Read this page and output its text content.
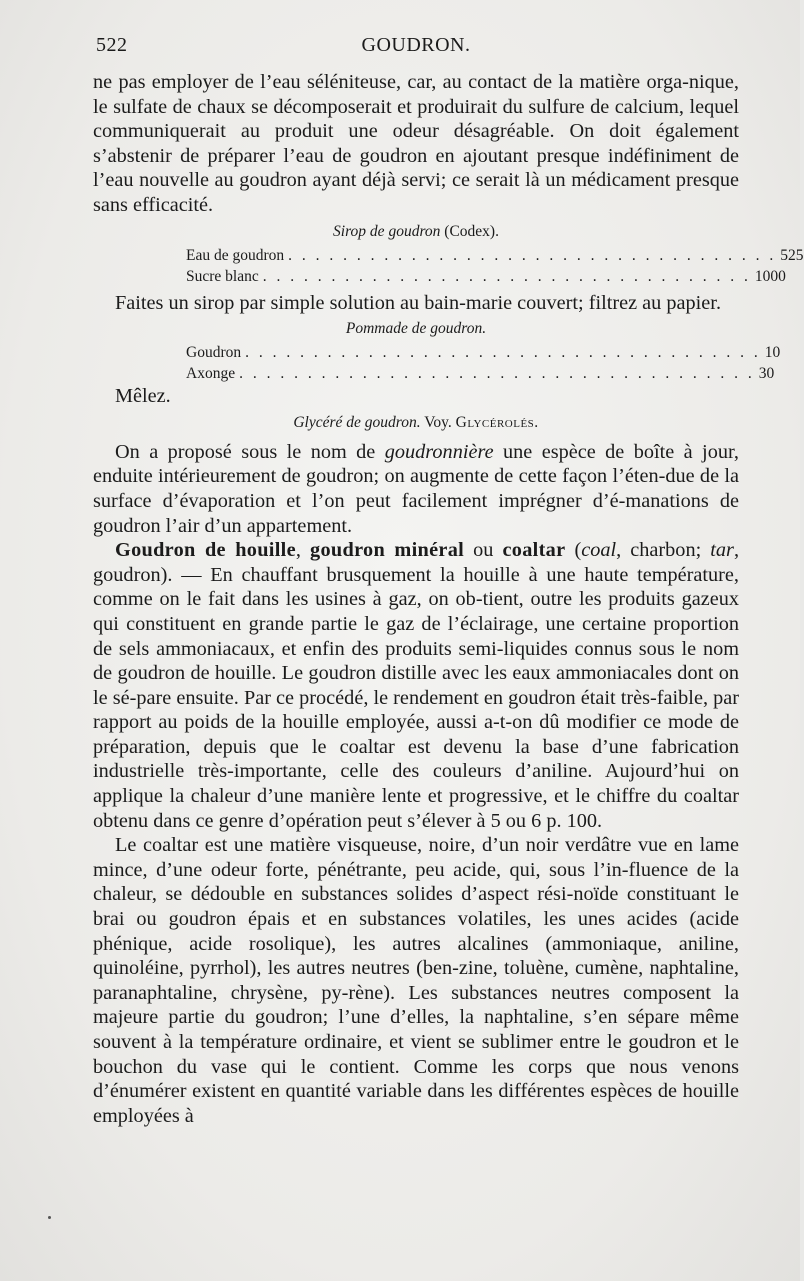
522	GOUDRON.

ne pas employer de l’eau séléniteuse, car, au contact de la matière orga-nique, le sulfate de chaux se décomposerait et produirait du sulfure de calcium, lequel communiquerait au produit une odeur désagréable. On doit également s’abstenir de préparer l’eau de goudron en ajoutant presque indéfiniment de l’eau nouvelle au goudron ayant déjà servi; ce serait là un médicament presque sans efficacité.

Sirop de goudron (Codex).
Eau de goudron . . . . . . . . . . . . . . . . . . . . . . . . . . . . . . . . . . . . 525
Sucre blanc . . . . . . . . . . . . . . . . . . . . . . . . . . . . . . . . . . . . 1000

Faites un sirop par simple solution au bain-marie couvert; filtrez au papier.

Pommade de goudron.
Goudron . . . . . . . . . . . . . . . . . . . . . . . . . . . . . . . . . . . . . . 10
Axonge . . . . . . . . . . . . . . . . . . . . . . . . . . . . . . . . . . . . . . 30

Mêlez.

Glycéré de goudron. Voy. Glycérolés.

On a proposé sous le nom de goudronnière une espèce de boîte à jour, enduite intérieurement de goudron; on augmente de cette façon l’éten-due de la surface d’évaporation et l’on peut facilement imprégner d’é-manations de goudron l’air d’un appartement.

Goudron de houille, goudron minéral ou coaltar (coal, charbon; tar, goudron). — En chauffant brusquement la houille à une haute température, comme on le fait dans les usines à gaz, on ob-tient, outre les produits gazeux qui constituent en grande partie le gaz de l’éclairage, une certaine proportion de sels ammoniacaux, et enfin des produits semi-liquides connus sous le nom de goudron de houille. Le goudron distille avec les eaux ammoniacales dont on le sé-pare ensuite. Par ce procédé, le rendement en goudron était très-faible, par rapport au poids de la houille employée, aussi a-t-on dû modifier ce mode de préparation, depuis que le coaltar est devenu la base d’une fabrication industrielle très-importante, celle des couleurs d’aniline. Aujourd’hui on applique la chaleur d’une manière lente et progressive, et le chiffre du coaltar obtenu dans ce genre d’opération peut s’élever à 5 ou 6 p. 100.

Le coaltar est une matière visqueuse, noire, d’un noir verdâtre vue en lame mince, d’une odeur forte, pénétrante, peu acide, qui, sous l’in-fluence de la chaleur, se dédouble en substances solides d’aspect rési-noïde constituant le brai ou goudron épais et en substances volatiles, les unes acides (acide phénique, acide rosolique), les autres alcalines (ammoniaque, aniline, quinoléine, pyrrhol), les autres neutres (ben-zine, toluène, cumène, naphtaline, paranaphtaline, chrysène, py-rène). Les substances neutres composent la majeure partie du goudron; l’une d’elles, la naphtaline, s’en sépare même souvent à la température ordinaire, et vient se sublimer entre le goudron et le bouchon du vase qui le contient. Comme les corps que nous venons d’énumérer existent en quantité variable dans les différentes espèces de houille employées à
